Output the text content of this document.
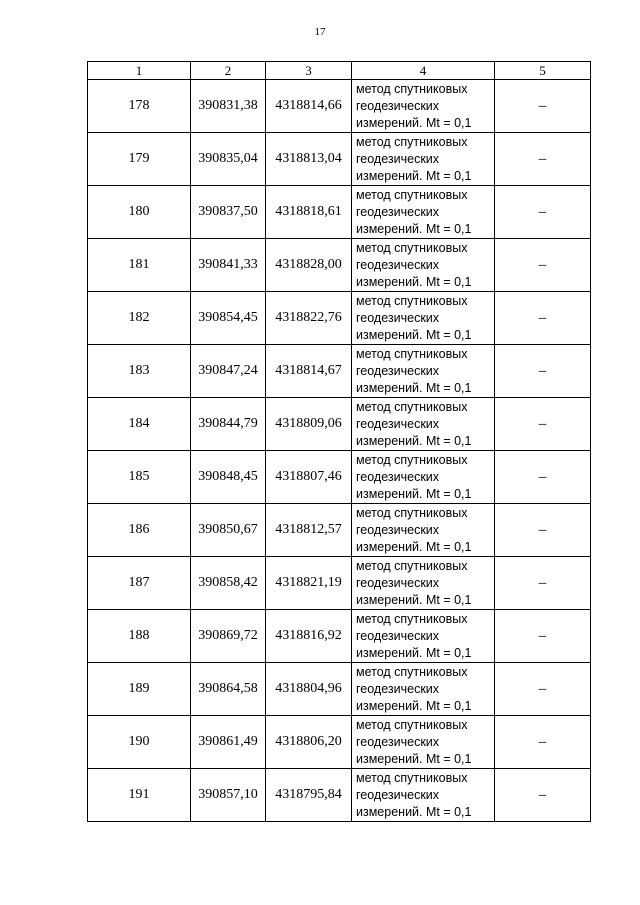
17
1	2	3	4	5
178	390831,38	4318814,66	метод спутниковых
геодезических
измерений. Mt = 0,1	–
179	390835,04	4318813,04	метод спутниковых
геодезических
измерений. Mt = 0,1	–
180	390837,50	4318818,61	метод спутниковых
геодезических
измерений. Mt = 0,1	–
181	390841,33	4318828,00	метод спутниковых
геодезических
измерений. Mt = 0,1	–
182	390854,45	4318822,76	метод спутниковых
геодезических
измерений. Mt = 0,1	–
183	390847,24	4318814,67	метод спутниковых
геодезических
измерений. Mt = 0,1	–
184	390844,79	4318809,06	метод спутниковых
геодезических
измерений. Mt = 0,1	–
185	390848,45	4318807,46	метод спутниковых
геодезических
измерений. Mt = 0,1	–
186	390850,67	4318812,57	метод спутниковых
геодезических
измерений. Mt = 0,1	–
187	390858,42	4318821,19	метод спутниковых
геодезических
измерений. Mt = 0,1	–
188	390869,72	4318816,92	метод спутниковых
геодезических
измерений. Mt = 0,1	–
189	390864,58	4318804,96	метод спутниковых
геодезических
измерений. Mt = 0,1	–
190	390861,49	4318806,20	метод спутниковых
геодезических
измерений. Mt = 0,1	–
191	390857,10	4318795,84	метод спутниковых
геодезических
измерений. Mt = 0,1	–
